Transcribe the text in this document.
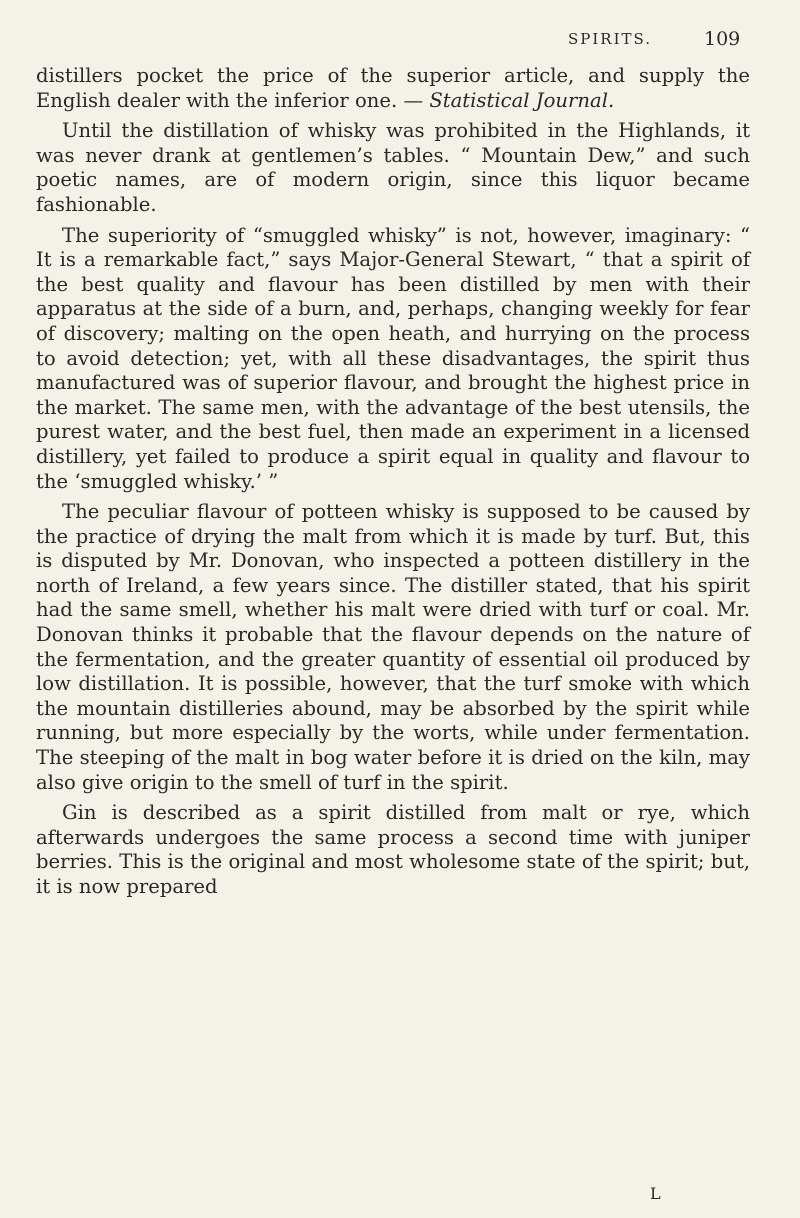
SPIRITS.	109

distillers pocket the price of the superior article, and supply the English dealer with the inferior one. — Statistical Journal.

Until the distillation of whisky was prohibited in the Highlands, it was never drank at gentlemen’s tables. “ Mountain Dew,” and such poetic names, are of modern origin, since this liquor became fashionable.

The superiority of “smuggled whisky” is not, however, imaginary: “ It is a remarkable fact,” says Major-General Stewart, “ that a spirit of the best quality and flavour has been distilled by men with their apparatus at the side of a burn, and, perhaps, changing weekly for fear of discovery; malting on the open heath, and hurrying on the process to avoid detection; yet, with all these disadvantages, the spirit thus manufactured was of superior flavour, and brought the highest price in the market. The same men, with the advantage of the best utensils, the purest water, and the best fuel, then made an experiment in a licensed distillery, yet failed to produce a spirit equal in quality and flavour to the ‘smuggled whisky.’ ”

The peculiar flavour of potteen whisky is supposed to be caused by the practice of drying the malt from which it is made by turf. But, this is disputed by Mr. Donovan, who inspected a potteen distillery in the north of Ireland, a few years since. The distiller stated, that his spirit had the same smell, whether his malt were dried with turf or coal. Mr. Donovan thinks it probable that the flavour depends on the nature of the fermentation, and the greater quantity of essential oil produced by low distillation. It is possible, however, that the turf smoke with which the mountain distilleries abound, may be absorbed by the spirit while running, but more especially by the worts, while under fermentation. The steeping of the malt in bog water before it is dried on the kiln, may also give origin to the smell of turf in the spirit.

Gin is described as a spirit distilled from malt or rye, which afterwards undergoes the same process a second time with juniper berries. This is the original and most wholesome state of the spirit; but, it is now prepared

L
